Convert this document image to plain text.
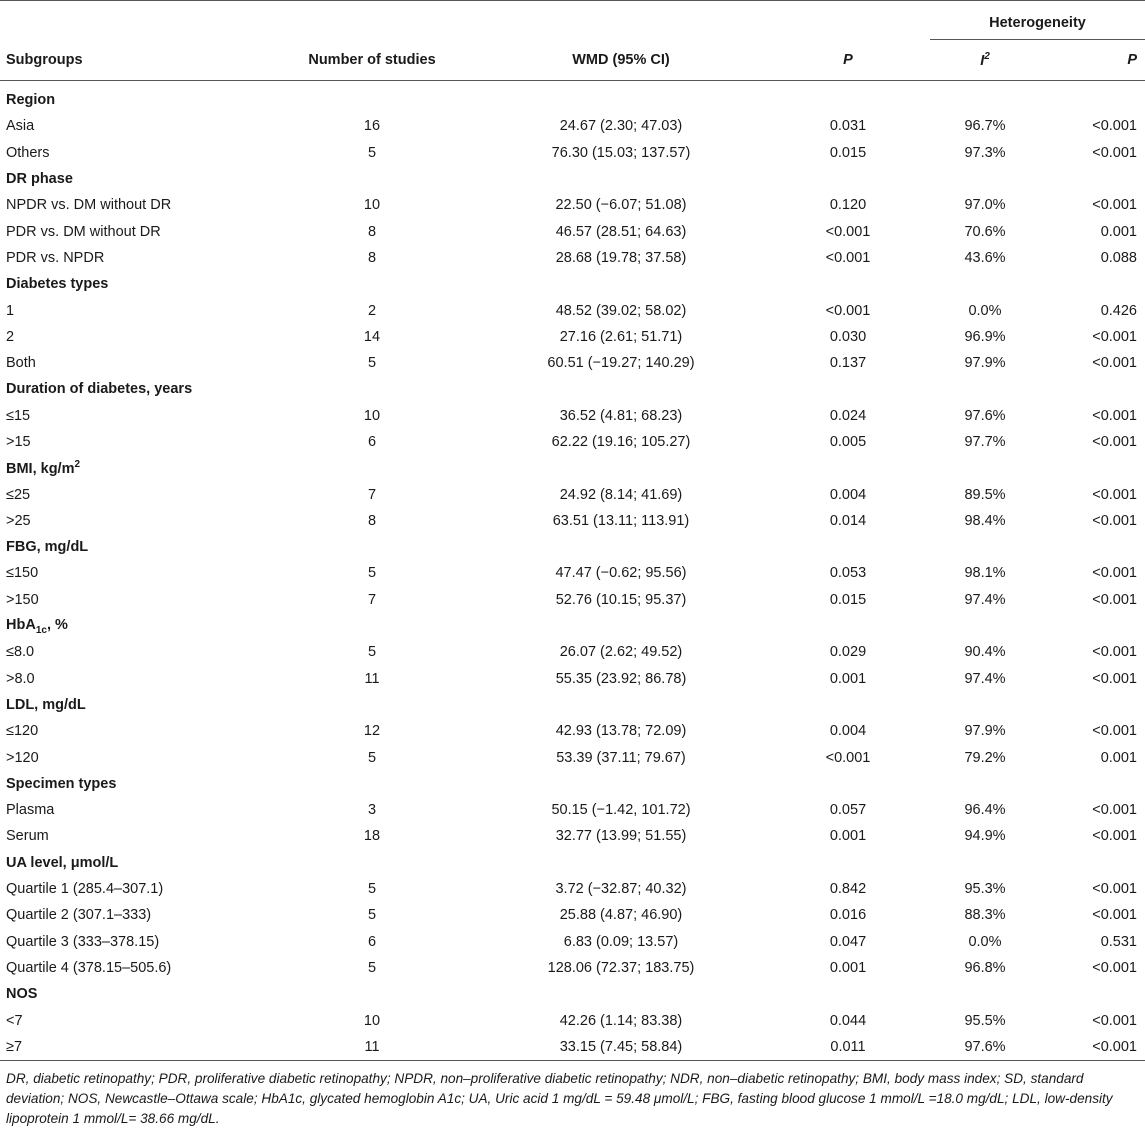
				Heterogeneity	
Subgroups	Number of studies	WMD (95% CI)	P	$I^2$	P
Region					
Asia	16	24.67 (2.30; 47.03)	0.031	96.7%	<0.001
Others	5	76.30 (15.03; 137.57)	0.015	97.3%	<0.001
DR phase					
NPDR vs. DM without DR	10	22.50 (−6.07; 51.08)	0.120	97.0%	<0.001
PDR vs. DM without DR	8	46.57 (28.51; 64.63)	<0.001	70.6%	0.001
PDR vs. NPDR	8	28.68 (19.78; 37.58)	<0.001	43.6%	0.088
Diabetes types					
1	2	48.52 (39.02; 58.02)	<0.001	0.0%	0.426
2	14	27.16 (2.61; 51.71)	0.030	96.9%	<0.001
Both	5	60.51 (−19.27; 140.29)	0.137	97.9%	<0.001
Duration of diabetes, years					
≤15	10	36.52 (4.81; 68.23)	0.024	97.6%	<0.001
>15	6	62.22 (19.16; 105.27)	0.005	97.7%	<0.001
BMI, $kg/m^2$
≤25	7	24.92 (8.14; 41.69)	0.004	89.5%	<0.001
>25	8	63.51 (13.11; 113.91)	0.014	98.4%	<0.001
FBG, mg/dL					
≤150	5	47.47 (−0.62; 95.56)	0.053	98.1%	<0.001
>150	7	52.76 (10.15; 95.37)	0.015	97.4%	<0.001
HbA$_{1c}$, %					
≤8.0	5	26.07 (2.62; 49.52)	0.029	90.4%	<0.001
>8.0	11	55.35 (23.92; 86.78)	0.001	97.4%	<0.001
LDL, mg/dL					
≤120	12	42.93 (13.78; 72.09)	0.004	97.9%	<0.001
>120	5	53.39 (37.11; 79.67)	<0.001	79.2%	0.001
Specimen types					
Plasma	3	50.15 (−1.42, 101.72)	0.057	96.4%	<0.001
Serum	18	32.77 (13.99; 51.55)	0.001	94.9%	<0.001
UA level, μmol/L					
Quartile 1 (285.4–307.1)	5	3.72 (−32.87; 40.32)	0.842	95.3%	<0.001
Quartile 2 (307.1–333)	5	25.88 (4.87; 46.90)	0.016	88.3%	<0.001
Quartile 3 (333–378.15)	6	6.83 (0.09; 13.57)	0.047	0.0%	0.531
Quartile 4 (378.15–505.6)	5	128.06 (72.37; 183.75)	0.001	96.8%	<0.001
NOS					
<7	10	42.26 (1.14; 83.38)	0.044	95.5%	<0.001
≥7	11	33.15 (7.45; 58.84)	0.011	97.6%	<0.001
DR, diabetic retinopathy; PDR, proliferative diabetic retinopathy; NPDR, non–proliferative diabetic retinopathy; NDR, non–diabetic retinopathy; BMI, body mass index; SD, standard deviation; NOS, Newcastle–Ottawa scale; HbA1c, glycated hemoglobin A1c; UA, Uric acid 1 mg/dL = 59.48 μmol/L; FBG, fasting blood glucose 1 mmol/L =18.0 mg/dL; LDL, low-density lipoprotein 1 mmol/L= 38.66 mg/dL.
